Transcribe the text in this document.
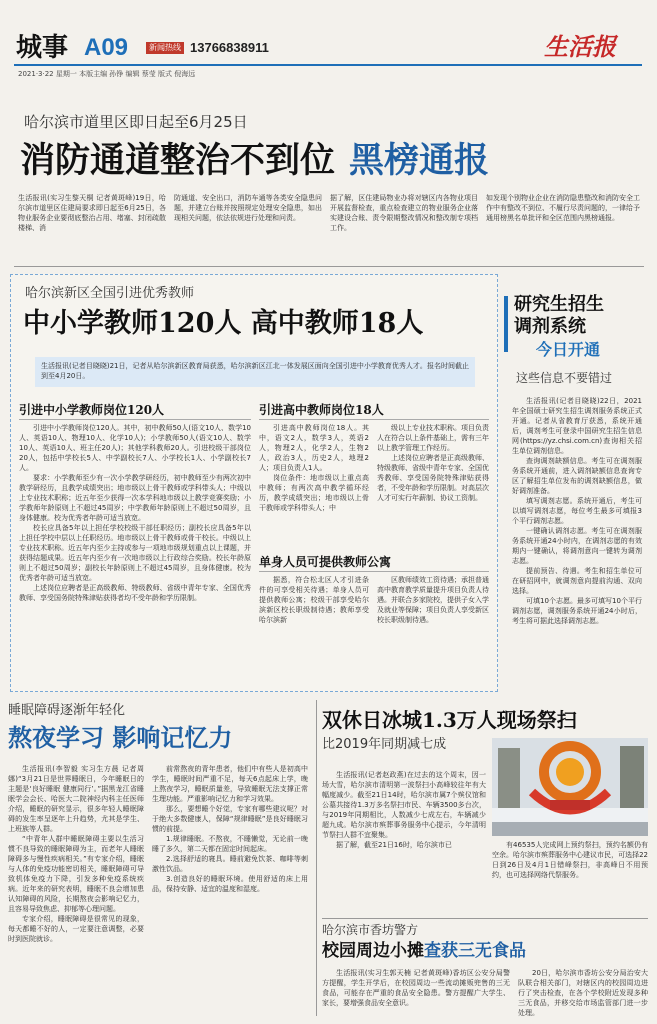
城事 A09	新闻热线 13766838911	生活报
2021·3·22 星期一 本版主编 孙铮 编辑 蔡莹 版式 倪海远
哈尔滨市道里区即日起至6月25日
消防通道整治不到位 黑榜通报
生活报讯(实习生黎天桐 记者黄斑峰)19日，哈尔滨市道里区住建局要求即日起至6月25日，各物业服务企业要彻底整治占用、堵塞、封闭疏散楼梯、消
防通道、安全出口，消防车通等各类安全隐患问题，并建立台账并按照规定处理安全隐患，如出现相关问题，依法依规进行处理和问责。
据了解，区住建局物业办将对辖区内各物业项目开展监督检查，重点检查建立的物业服务企业落实建设合账、责令限期整改情况和整改制专项档工作。
如发现个别物业企业在消防隐患整改和消防安全工作中有整改不到位、不履行尽责问题的，一律给予通用榜黑名单批评和全区范围内黑榜通报。
哈尔滨新区全国引进优秀教师
中小学教师120人 高中教师18人
生活报讯(记者目晓晓)21日，记者从哈尔滨新区教育局获悉，哈尔滨新区江北一体发展区面向全国引进中小学教育优秀人才。报名时间截止到至4月20日。
引进中小学教师岗位120人

引进中小学教师岗位120人。其中，初中教师50人(语文10人、数学10人、英语10人、物理10人、化学10人)；小学教师50人(语文10人、数学10人、英语10人、班主任20人)；其他学科教师20人。引进校级干部岗位20人，包括中学校长5人、中学副校长7人、小学校长1人、小学副校长7人。

要求：小学教师至少有一次小学教学研经历，初中教师至少有两次初中教学研经历，且教学成绩突出；地市级以上骨干教师或学科带头人；中级以上专业技术职称；近五年至少获得一次本学科地市级以上教学竞赛奖励；小学教师年龄原则上不超过45周岁；中学教师年龄原则上不超过50周岁，且身体健康。校为优秀者年龄可适当放宽。

校长应具备5年以上担任学校校级干部任职经历；副校长应具备5年以上担任学校中层以上任职经历。地市级以上骨干教师或骨干校长。中级以上专业技术职称。近五年内至少主持或参与一项地市级规划重点以上课题，并获得结题成果。近五年内至少有一次地市级以上行政综合奖励。校长年龄原则上不超过50周岁；副校长年龄原则上不超过45周岁，且身体健康。校为优秀者年龄可适当放宽。

上述岗位应聘者是正高级教师、特级教师、省级中青年专家、全国优秀教师、享受国务院特殊津贴获得者均不受年龄和学历限制。

引进高中教师岗位18人

引进高中教师岗位18人。其中，语文2人，数学3人，英语2人，物理2人，化学2人，生物2人，政治3人，历史2人，地理2人；项目负责人1人。

岗位条件：地市级以上重点高中教师；有两次高中教学循环经历，教学成绩突出；地市级以上骨干教师或学科带头人；中

级以上专业技术职称。项目负责人在符合以上条件基础上，需有三年以上教学管理工作经历。

上述岗位应聘者是正高级教师、特级教师、省级中青年专家、全国优秀教师、享受国务院特殊津贴获得者，不受年龄和学历限制。对高层次人才可实行年薪制、协议工资制。

单身人员可提供教师公寓

据悉，符合松北区人才引进条件的可享受相关待遇；单身人员可提供教师公寓；校级干部享受哈尔滨新区校长职级制待遇；教师享受哈尔滨新

区教师绩效工资待遇；承担普通高中教育教学质量提升项目负责人待遇。并联合多家院校，提供子女入学及就业等保障；项目负责人享受新区校长职级制待遇。

研究生招生
调剂系统
今日开通
这些信息不要错过

生活报讯(记者目晓晓)22日，2021年全国硕士研究生招生调剂服务系统正式开通。记者从省教育厅获悉，系统开通后，调剂考生可登录中国研究生招生信息网(https://yz.chsi.com.cn)查询相关招生单位调剂信息。

查询调剂缺额信息。考生可在调剂服务系统开通前，进入调剂缺额信息查询专区了解招生单位发布的调剂缺额信息，做好调剂准备。

填写调剂志愿。系统开通后，考生可以填写调剂志愿，每位考生最多可填报3个平行调剂志愿。

一键确认调剂志愿。考生可在调剂服务系统开通24小时内，在调剂志愿的有效期内一键确认，将调剂意向一键转为调剂志愿。

提前预告、待遇。考生和招生单位可在研招网中，就调剂意向提前沟通、双向选择。

可填10个志愿。最多可填写10个平行调剂志愿，调剂服务系统开通24小时后，考生将可据此选择调剂志愿。

睡眠障碍逐渐年轻化
熬夜学习 影响记忆力

生活报讯(李智毅 实习生方晨 记者周娜)“3月21日是世界睡眠日，今年睡眠日的主题是‘良好睡眠 健康同行’。”据黑龙江省睡眠学会会长、哈医大二院神经内科主任医师介绍，睡眠的研究显示，很多年轻人睡眠障碍的发生率呈逐年上升趋势，尤其是学生、上班族等人群。

“中青年人群中睡眠障碍主要以生活习惯不良导致的睡眠障碍为主，而老年人睡眠障碍多与慢性疾病相关。”有专家介绍，睡眠与人体的免疫功能密切相关，睡眠障碍可导致机体免疫力下降，引发多种免疫系统疾病。近年来的研究表明，睡眠不良会增加患认知障碍的风险，长期熬夜会影响记忆力，且容易导致焦虑、抑郁等心理问题。

专家介绍，睡眠障碍是很常见的现象，每天都睡不好的人，一定要注意调整，必要时到医院就诊。

前常熬夜的青年患者，他们中有些人是初高中学生，睡眠时间严重不足，每天6点起床上学，晚上熬夜学习，睡眠质量差，导致睡眠无法支撑正常生理功能。严重影响记忆力和学习效果。

那么，要想睡个好觉，专家有哪些建议呢？对于绝大多数健康人，保障“规律睡眠”是良好睡眠习惯的前提。

1.规律睡眠。不熬夜，不睡懒觉，无论前一晚睡了多久，第二天都在固定时间起床。

2.选择舒适的寝具。睡前避免饮茶、咖啡等刺激性饮品。

3.创造良好的睡眠环境。使用舒适的床上用品，保持安静、适宜的温度和湿度。

双休日冰城1.3万人现场祭扫
比2019年同期减七成

生活报讯(记者赵政燕)在过去的这个周末，因一场大雪，哈尔滨市清明第一波祭扫小高峰较往年有大幅度减少。截至21日14时，哈尔滨市属7个殡仪馆和公墓共接待1.3万多名祭扫市民、车辆3500多台次，与2019年同期相比，人数减少七成左右，车辆减少超九成。哈尔滨市殡葬事务服务中心提示，今年清明节祭扫人群不宜聚集。

据了解，截至21日16时，哈尔滨市已	有46535人完成网上预约祭扫，预约名额仍有空余。哈尔滨市殡葬服务中心建议市民，可选择22日到26日及4月1日错峰祭扫，非高峰日不用预约，也可选择网络代祭服务。

哈尔滨市香坊警方
校园周边小摊查获三无食品

生活报讯(实习生郭天楠 记者黄斑峰)香坊区公安分局警方提醒，学生开学后，在校园周边一些流动摊贩兜售的三无食品，可能存在严重的食品安全隐患。警方提醒广大学生、家长，要增强食品安全意识。

20日，哈尔滨市香坊公安分局治安大队联合相关部门，对辖区内的校园周边进行了突击检查，在各个学校附近发现多种三无食品，并移交给市场监管部门进一步处理。
